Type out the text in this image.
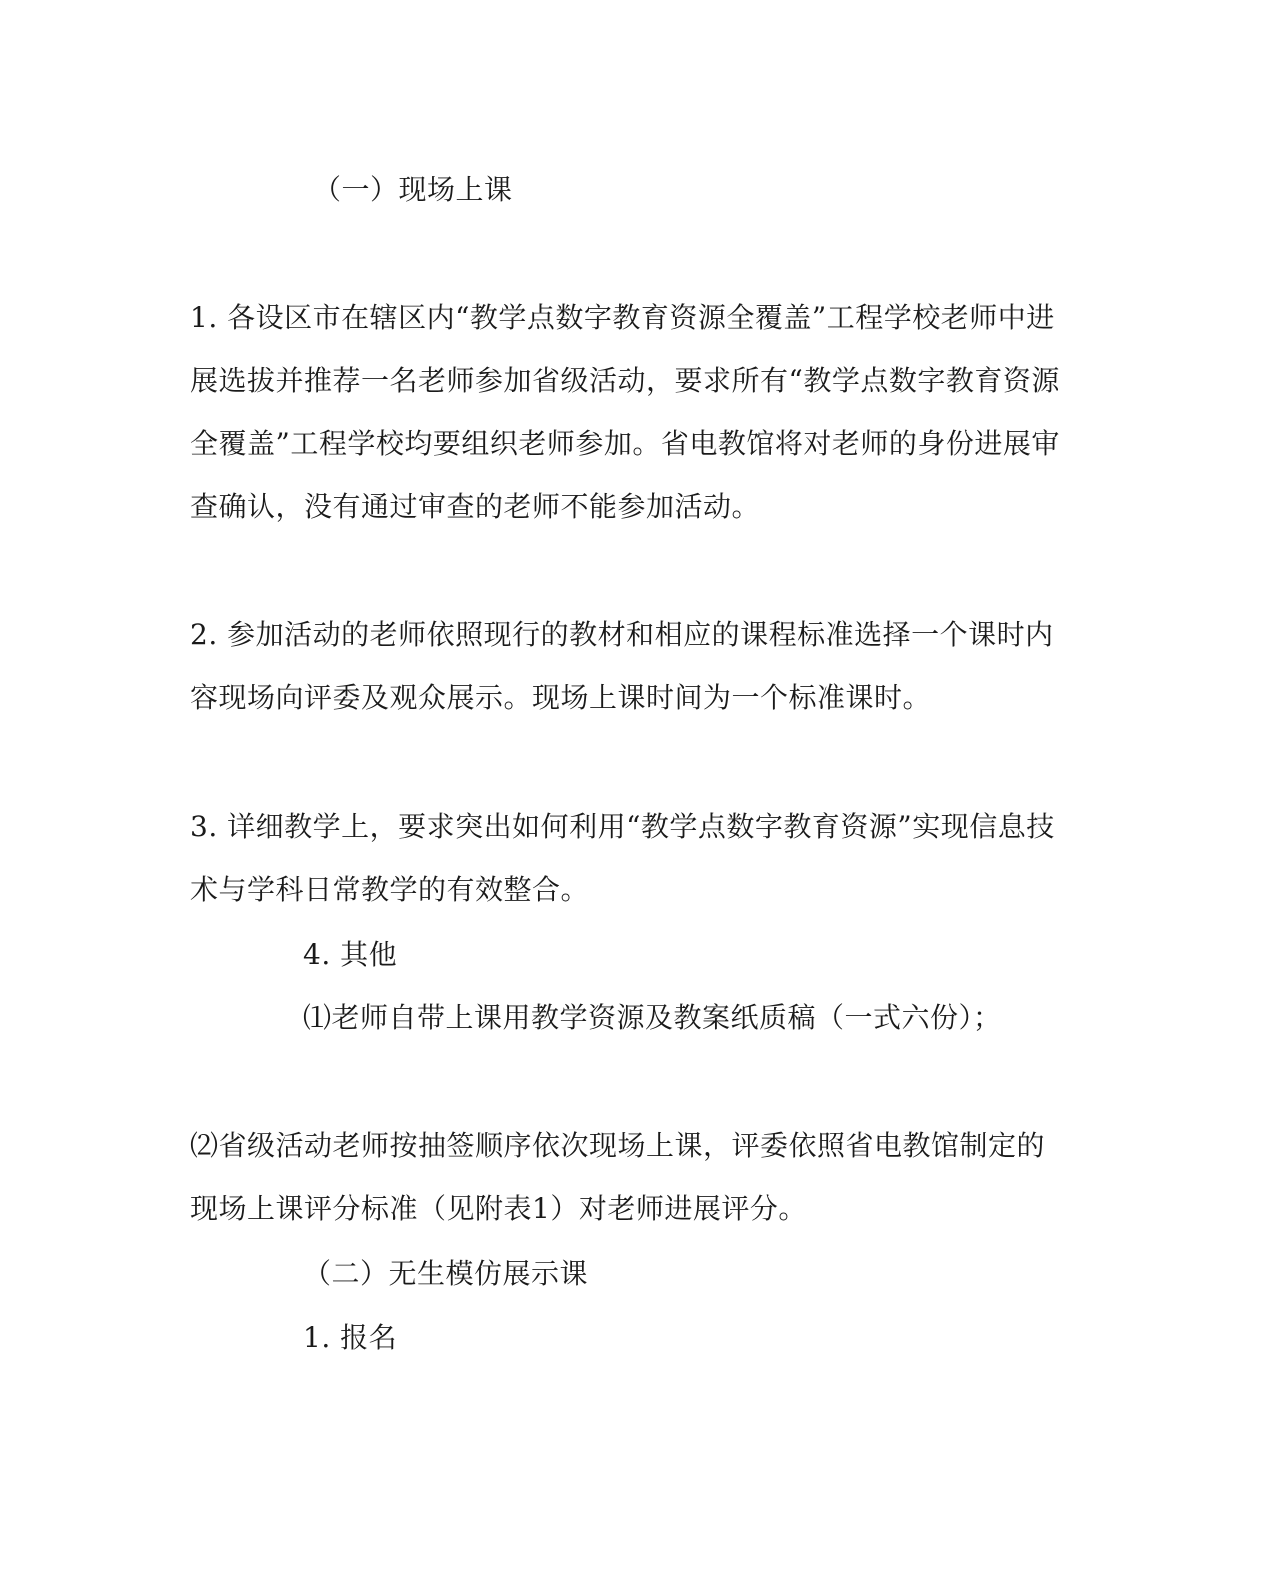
（一）现场上课

1. 各设区市在辖区内“教学点数字教育资源全覆盖”工程学校老师中进

展选拔并推荐一名老师参加省级活动，要求所有“教学点数字教育资源

全覆盖”工程学校均要组织老师参加。省电教馆将对老师的身份进展审

查确认，没有通过审查的老师不能参加活动。

2. 参加活动的老师依照现行的教材和相应的课程标准选择一个课时内

容现场向评委及观众展示。现场上课时间为一个标准课时。

3. 详细教学上，要求突出如何利用“教学点数字教育资源”实现信息技

术与学科日常教学的有效整合。

4. 其他

⑴老师自带上课用教学资源及教案纸质稿（一式六份）；

⑵省级活动老师按抽签顺序依次现场上课，评委依照省电教馆制定的

现场上课评分标准（见附表1）对老师进展评分。

（二）无生模仿展示课

1. 报名
